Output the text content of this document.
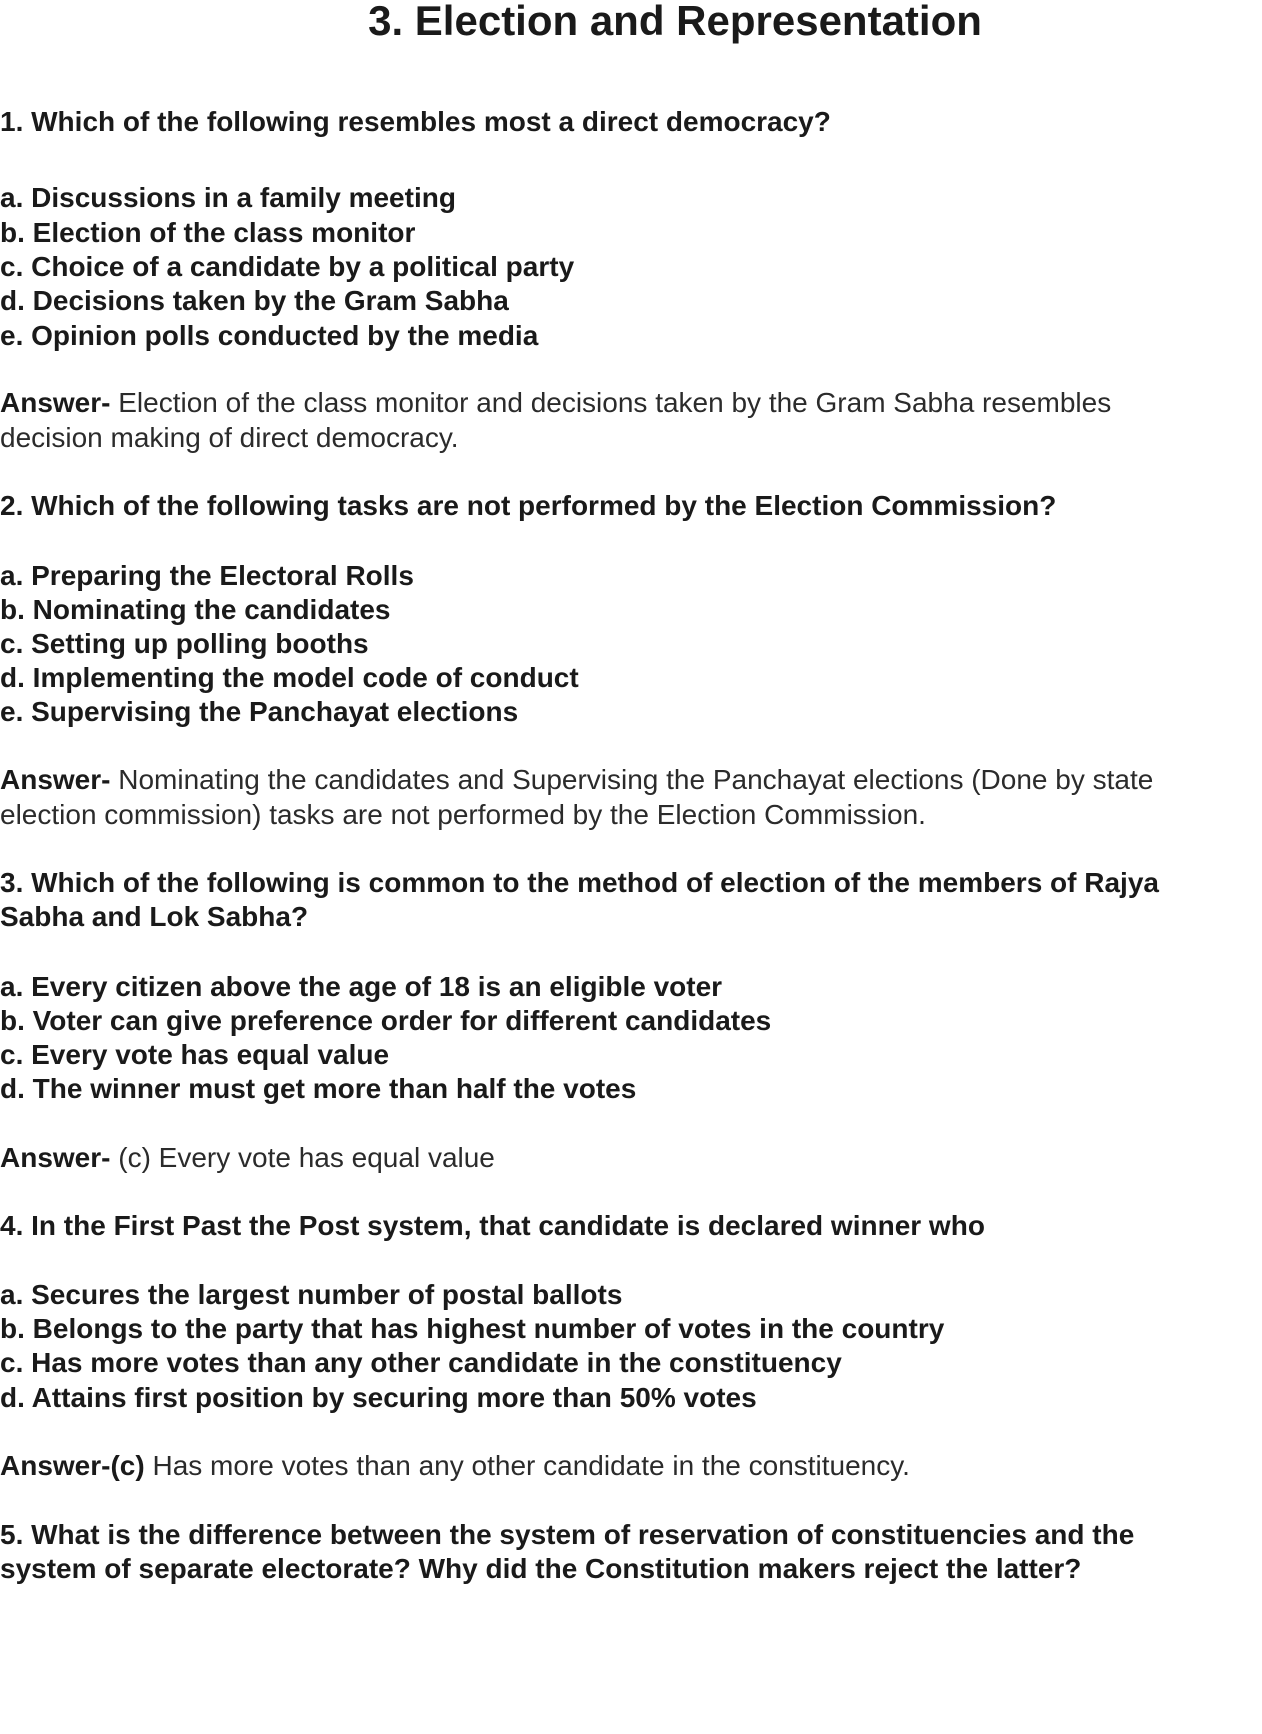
3. Election and Representation

1. Which of the following resembles most a direct democracy?

a. Discussions in a family meeting

b. Election of the class monitor

c. Choice of a candidate by a political party

d. Decisions taken by the Gram Sabha

e. Opinion polls conducted by the media

Answer- Election of the class monitor and decisions taken by the Gram Sabha resembles

decision making of direct democracy.

2. Which of the following tasks are not performed by the Election Commission?

a. Preparing the Electoral Rolls

b. Nominating the candidates

c. Setting up polling booths

d. Implementing the model code of conduct

e. Supervising the Panchayat elections

Answer- Nominating the candidates and Supervising the Panchayat elections (Done by state

election commission) tasks are not performed by the Election Commission.

3. Which of the following is common to the method of election of the members of Rajya

Sabha and Lok Sabha?

a. Every citizen above the age of 18 is an eligible voter

b. Voter can give preference order for different candidates

c. Every vote has equal value

d. The winner must get more than half the votes

Answer- (c) Every vote has equal value

4. In the First Past the Post system, that candidate is declared winner who

a. Secures the largest number of postal ballots

b. Belongs to the party that has highest number of votes in the country

c. Has more votes than any other candidate in the constituency

d. Attains first position by securing more than 50% votes

Answer-(c) Has more votes than any other candidate in the constituency.

5. What is the difference between the system of reservation of constituencies and the

system of separate electorate? Why did the Constitution makers reject the latter?
